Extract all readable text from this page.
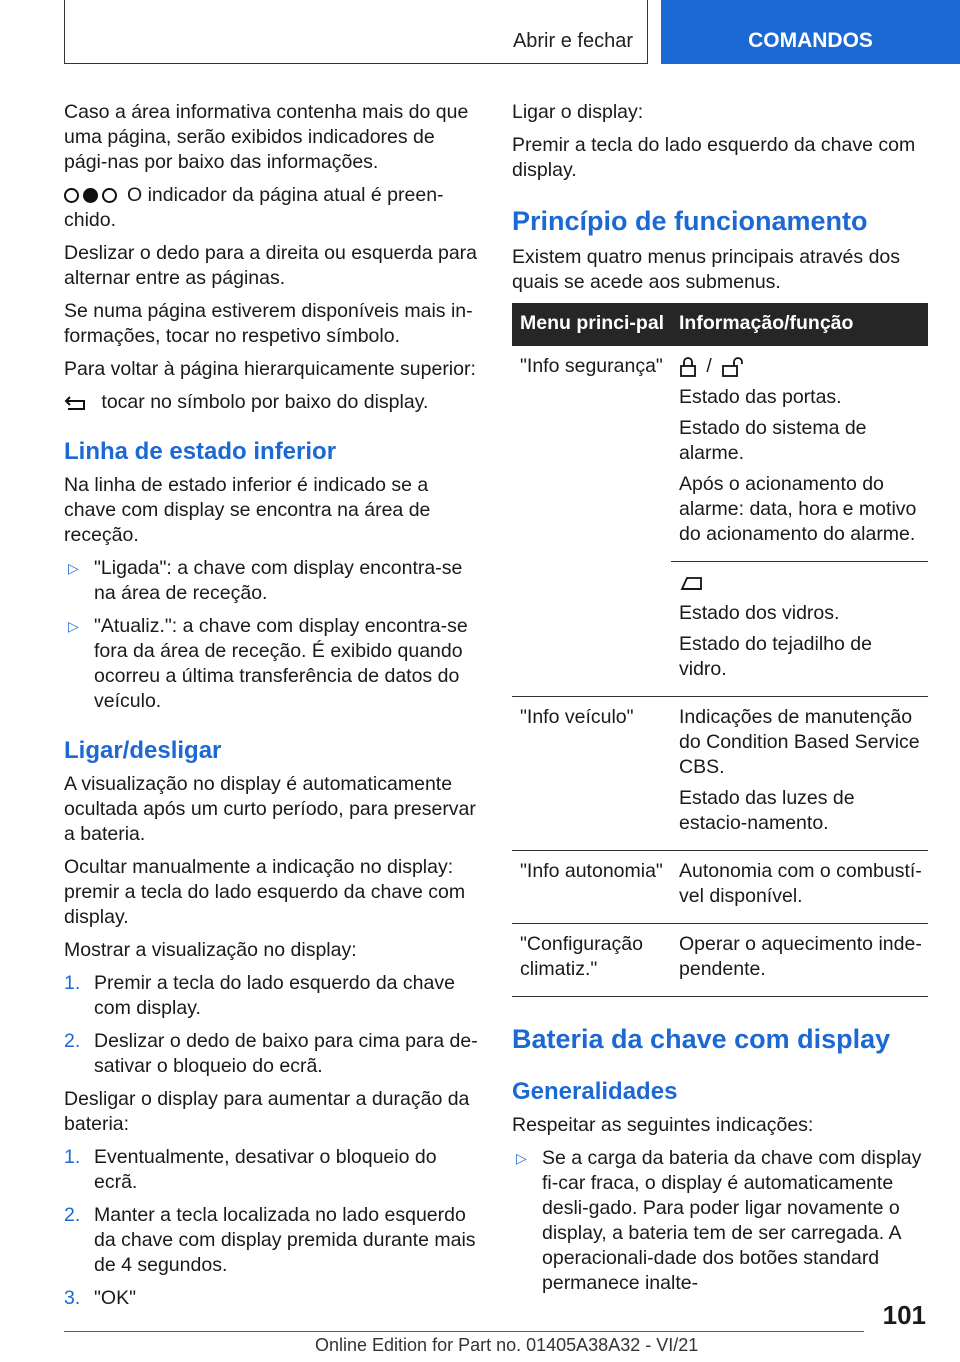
Abrir e fechar	COMANDOS

Caso a área informativa contenha mais do que uma página, serão exibidos indicadores de pági‐nas por baixo das informações.

O indicador da página atual é preen‐chido.

Deslizar o dedo para a direita ou esquerda para alternar entre as páginas.

Se numa página estiverem disponíveis mais in‐formações, tocar no respetivo símbolo.

Para voltar à página hierarquicamente superior:

tocar no símbolo por baixo do display.

Linha de estado inferior

Na linha de estado inferior é indicado se a chave com display se encontra na área de receção.

▷ "Ligada": a chave com display encontra-se na área de receção.
▷ "Atualiz.": a chave com display encontra-se fora da área de receção. É exibido quando ocorreu a última transferência de datos do veículo.
Ligar/desligar

A visualização no display é automaticamente ocultada após um curto período, para preservar a bateria.

Ocultar manualmente a indicação no display: premir a tecla do lado esquerdo da chave com display.

Mostrar a visualização no display:

1. Premir a tecla do lado esquerdo da chave com display.
2. Deslizar o dedo de baixo para cima para de‐sativar o bloqueio do ecrã.

Desligar o display para aumentar a duração da bateria:

1. Eventualmente, desativar o bloqueio do ecrã.
2. Manter a tecla localizada no lado esquerdo da chave com display premida durante mais de 4 segundos.
3. "OK"

Ligar o display:

Premir a tecla do lado esquerdo da chave com display.

Princípio de funcionamento

Existem quatro menus principais através dos quais se acede aos submenus.

Menu princi‐pal	Informação/função
"Info segurança"	/

Estado das portas.

Estado do sistema de alarme.

Após o acionamento do alarme: data, hora e motivo do acionamento do alarme.

	Estado dos vidros.

Estado do tejadilho de vidro.

"Info veículo"	Indicações de manutenção do Condition Based Service CBS.

Estado das luzes de estacio‐namento.

"Info autonomia"	Autonomia com o combustí‐vel disponível.

"Configuração climatiz."	Operar o aquecimento inde‐pendente.

Bateria da chave com display
Generalidades

Respeitar as seguintes indicações:

▷ Se a carga da bateria da chave com display fi‐car fraca, o display é automaticamente desli‐gado. Para poder ligar novamente o display, a bateria tem de ser carregada. A operacionali‐dade dos botões standard permanece inalte‐
101
Online Edition for Part no. 01405A38A32 - VI/21
